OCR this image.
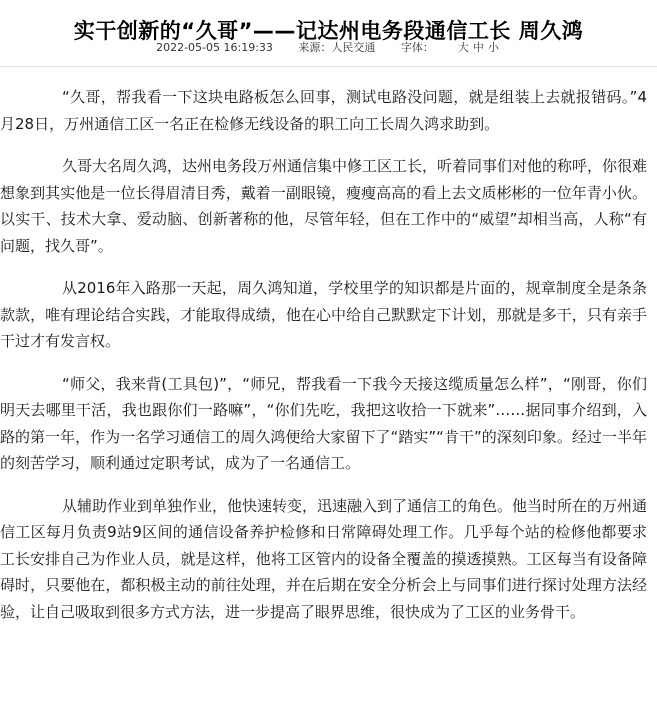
实干创新的“久哥”——记达州电务段通信工长 周久鸿
2022-05-05 16:19:33 来源：人民交通 字体： 大 中 小

“久哥，帮我看一下这块电路板怎么回事，测试电路没问题，就是组装上去就报错码。”4月28日，万州通信工区一名正在检修无线设备的职工向工长周久鸿求助到。

久哥大名周久鸿，达州电务段万州通信集中修工区工长，听着同事们对他的称呼，你很难想象到其实他是一位长得眉清目秀，戴着一副眼镜，瘦瘦高高的看上去文质彬彬的一位年青小伙。以实干、技术大拿、爱动脑、创新著称的他，尽管年轻，但在工作中的“威望”却相当高，人称“有问题，找久哥”。

从2016年入路那一天起，周久鸿知道，学校里学的知识都是片面的，规章制度全是条条款款，唯有理论结合实践，才能取得成绩，他在心中给自己默默定下计划，那就是多干，只有亲手干过才有发言权。

“师父，我来背(工具包)”，“师兄，帮我看一下我今天接这缆质量怎么样”，“刚哥，你们明天去哪里干活，我也跟你们一路嘛”，“你们先吃，我把这收拾一下就来”……据同事介绍到，入路的第一年，作为一名学习通信工的周久鸿便给大家留下了“踏实”“肯干”的深刻印象。经过一半年的刻苦学习，顺利通过定职考试，成为了一名通信工。

从辅助作业到单独作业，他快速转变，迅速融入到了通信工的角色。他当时所在的万州通信工区每月负责9站9区间的通信设备养护检修和日常障碍处理工作。几乎每个站的检修他都要求工长安排自己为作业人员，就是这样，他将工区管内的设备全覆盖的摸透摸熟。工区每当有设备障碍时，只要他在，都积极主动的前往处理，并在后期在安全分析会上与同事们进行探讨处理方法经验，让自己吸取到很多方式方法，进一步提高了眼界思维，很快成为了工区的业务骨干。
